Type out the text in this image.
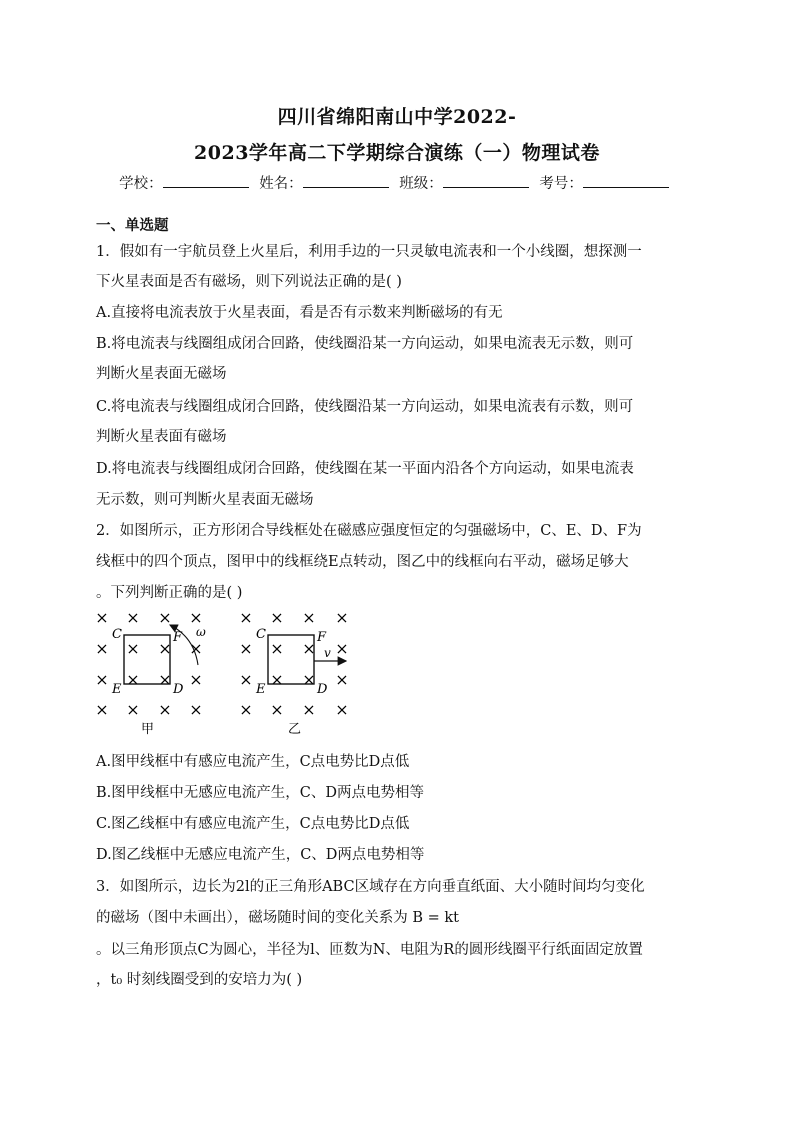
四川省绵阳南山中学2022-
2023学年高二下学期综合演练（一）物理试卷
学校：	姓名：	班级：	考号：
一、单选题
1．假如有一宇航员登上火星后，利用手边的一只灵敏电流表和一个小线圈，想探测一
下火星表面是否有磁场，则下列说法正确的是( )
A.直接将电流表放于火星表面，看是否有示数来判断磁场的有无
B.将电流表与线圈组成闭合回路，使线圈沿某一方向运动，如果电流表无示数，则可
判断火星表面无磁场
C.将电流表与线圈组成闭合回路，使线圈沿某一方向运动，如果电流表有示数，则可
判断火星表面有磁场
D.将电流表与线圈组成闭合回路，使线圈在某一平面内沿各个方向运动，如果电流表
无示数，则可判断火星表面无磁场
2．如图所示，正方形闭合导线框处在磁感应强度恒定的匀强磁场中，C、E、D、F为
线框中的四个顶点，图甲中的线框绕E点转动，图乙中的线框向右平动，磁场足够大
。下列判断正确的是( )
× × × ×
× × × ×
× × × ×
× × × ×
× × × ×
× × × ×
× × × ×
× × × ×
C	F
E	D
ω
甲
C	F
E	D
v
乙
A.图甲线框中有感应电流产生，C点电势比D点低
B.图甲线框中无感应电流产生，C、D两点电势相等
C.图乙线框中有感应电流产生，C点电势比D点低
D.图乙线框中无感应电流产生，C、D两点电势相等
3．如图所示，边长为2l的正三角形ABC区域存在方向垂直纸面、大小随时间均匀变化
的磁场（图中未画出），磁场随时间的变化关系为 B = kt
。以三角形顶点C为圆心，半径为l、匝数为N、电阻为R的圆形线圈平行纸面固定放置
，t₀ 时刻线圈受到的安培力为( )
